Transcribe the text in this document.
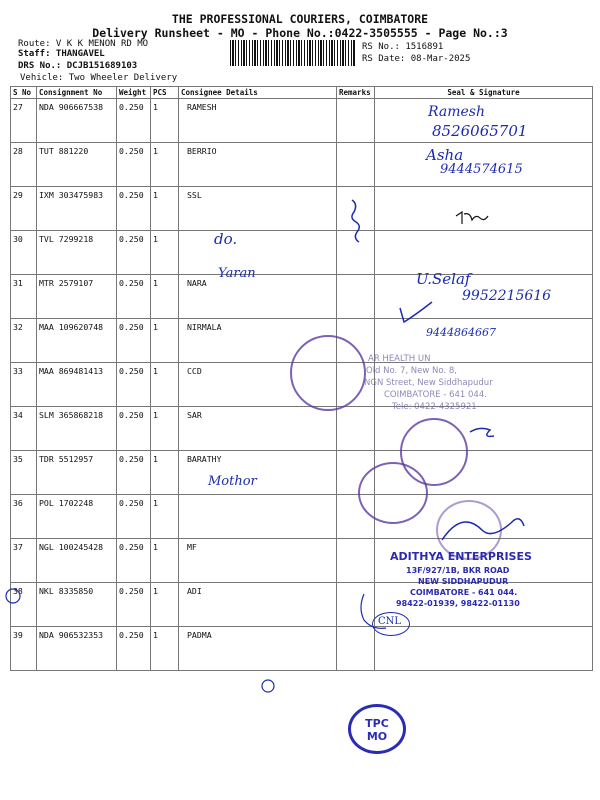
THE PROFESSIONAL COURIERS, COIMBATORE
Delivery Runsheet - MO - Phone No.:0422-3505555 - Page No.:3
Route: V K K MENON RD MO
Staff: THANGAVEL
DRS No.: DCJB151689103
Vehicle: Two Wheeler Delivery
RS No.: 1516891
RS Date: 08-Mar-2025
S No	Consignment No	Weight	PCS	Consignee Details	Remarks	Seal & Signature
27	NDA 906667538	0.250	1	RAMESH		
28	TUT 881220	0.250	1	BERRIO		
29	IXM 303475983	0.250	1	SSL		
30	TVL 7299218	0.250	1			
31	MTR 2579107	0.250	1	NARA		
32	MAA 109620748	0.250	1	NIRMALA		
33	MAA 869481413	0.250	1	CCD		
34	SLM 365868218	0.250	1	SAR		
35	TDR 5512957	0.250	1	BARATHY		
36	POL 1702248	0.250	1			
37	NGL 100245428	0.250	1	MF		
38	NKL 8335850	0.250	1	ADI		
39	NDA 906532353	0.250	1	PADMA		
AR HEALTH UN
Old No. 7, New No. 8,
NGN Street, New Siddhapudur
COIMBATORE - 641 044.
Tele: 0422-4325921
ADITHYA ENTERPRISES
13F/927/1B, BKR ROAD
NEW SIDDHAPUDUR
COIMBATORE - 641 044.
98422-01939, 98422-01130
Ramesh
8526065701
Asha
9444574615
do.
Yaran	U.Selaf
9952215616
9444864667
Mothor
CNL
TPC
MO
